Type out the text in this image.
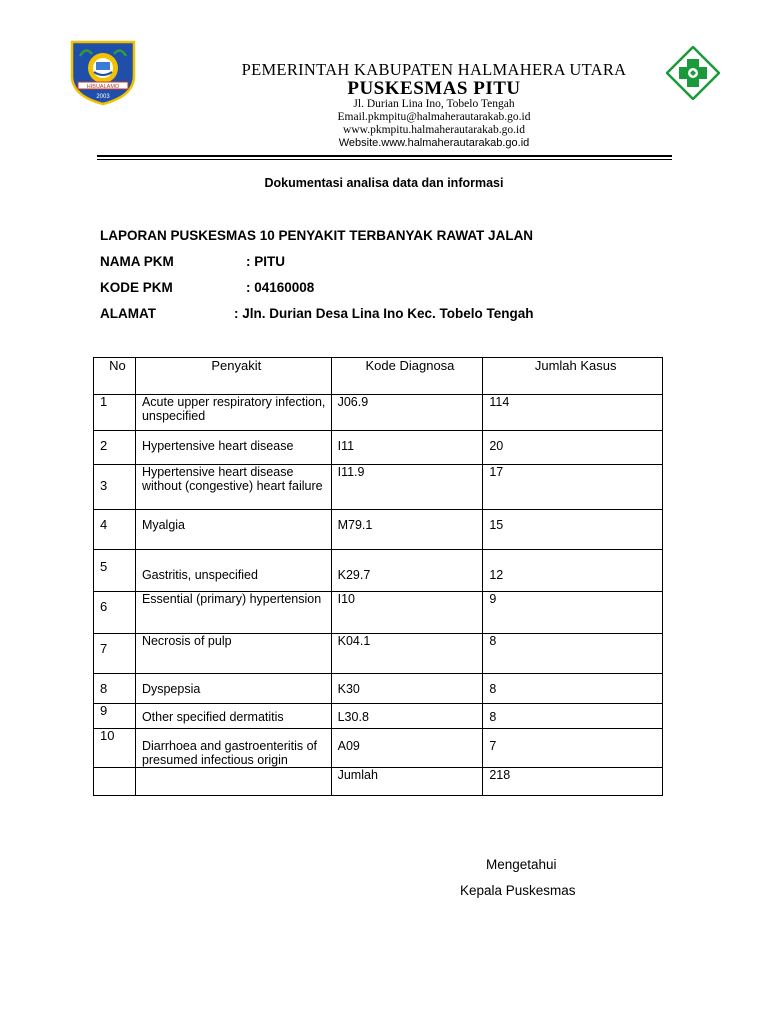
HIBUALAMO
2003
PEMERINTAH KABUPATEN HALMAHERA UTARA
PUSKESMAS PITU
Jl. Durian Lina Ino, Tobelo Tengah
Email.pkmpitu@halmaherautarakab.go.id
www.pkmpitu.halmaherautarakab.go.id
Website.www.halmaherautarakab.go.id
Dokumentasi analisa data dan informasi
LAPORAN PUSKESMAS 10 PENYAKIT TERBANYAK RAWAT JALAN
NAMA PKM	: PITU
KODE PKM	: 04160008
ALAMAT	: Jln. Durian Desa Lina Ino Kec. Tobelo Tengah
No	Penyakit	Kode Diagnosa	Jumlah Kasus
1	Acute upper respiratory infection, unspecified	J06.9	114
2	Hypertensive heart disease	I11	20
3	Hypertensive heart disease without (congestive) heart failure	I11.9	17
4	Myalgia	M79.1	15
5	Gastritis, unspecified	K29.7	12
6	Essential (primary) hypertension	I10	9
7	Necrosis of pulp	K04.1	8
8	Dyspepsia	K30	8
9	Other specified dermatitis	L30.8	8
10	Diarrhoea and gastroenteritis of presumed infectious origin	A09	7
		Jumlah	218
Mengetahui
Kepala Puskesmas
